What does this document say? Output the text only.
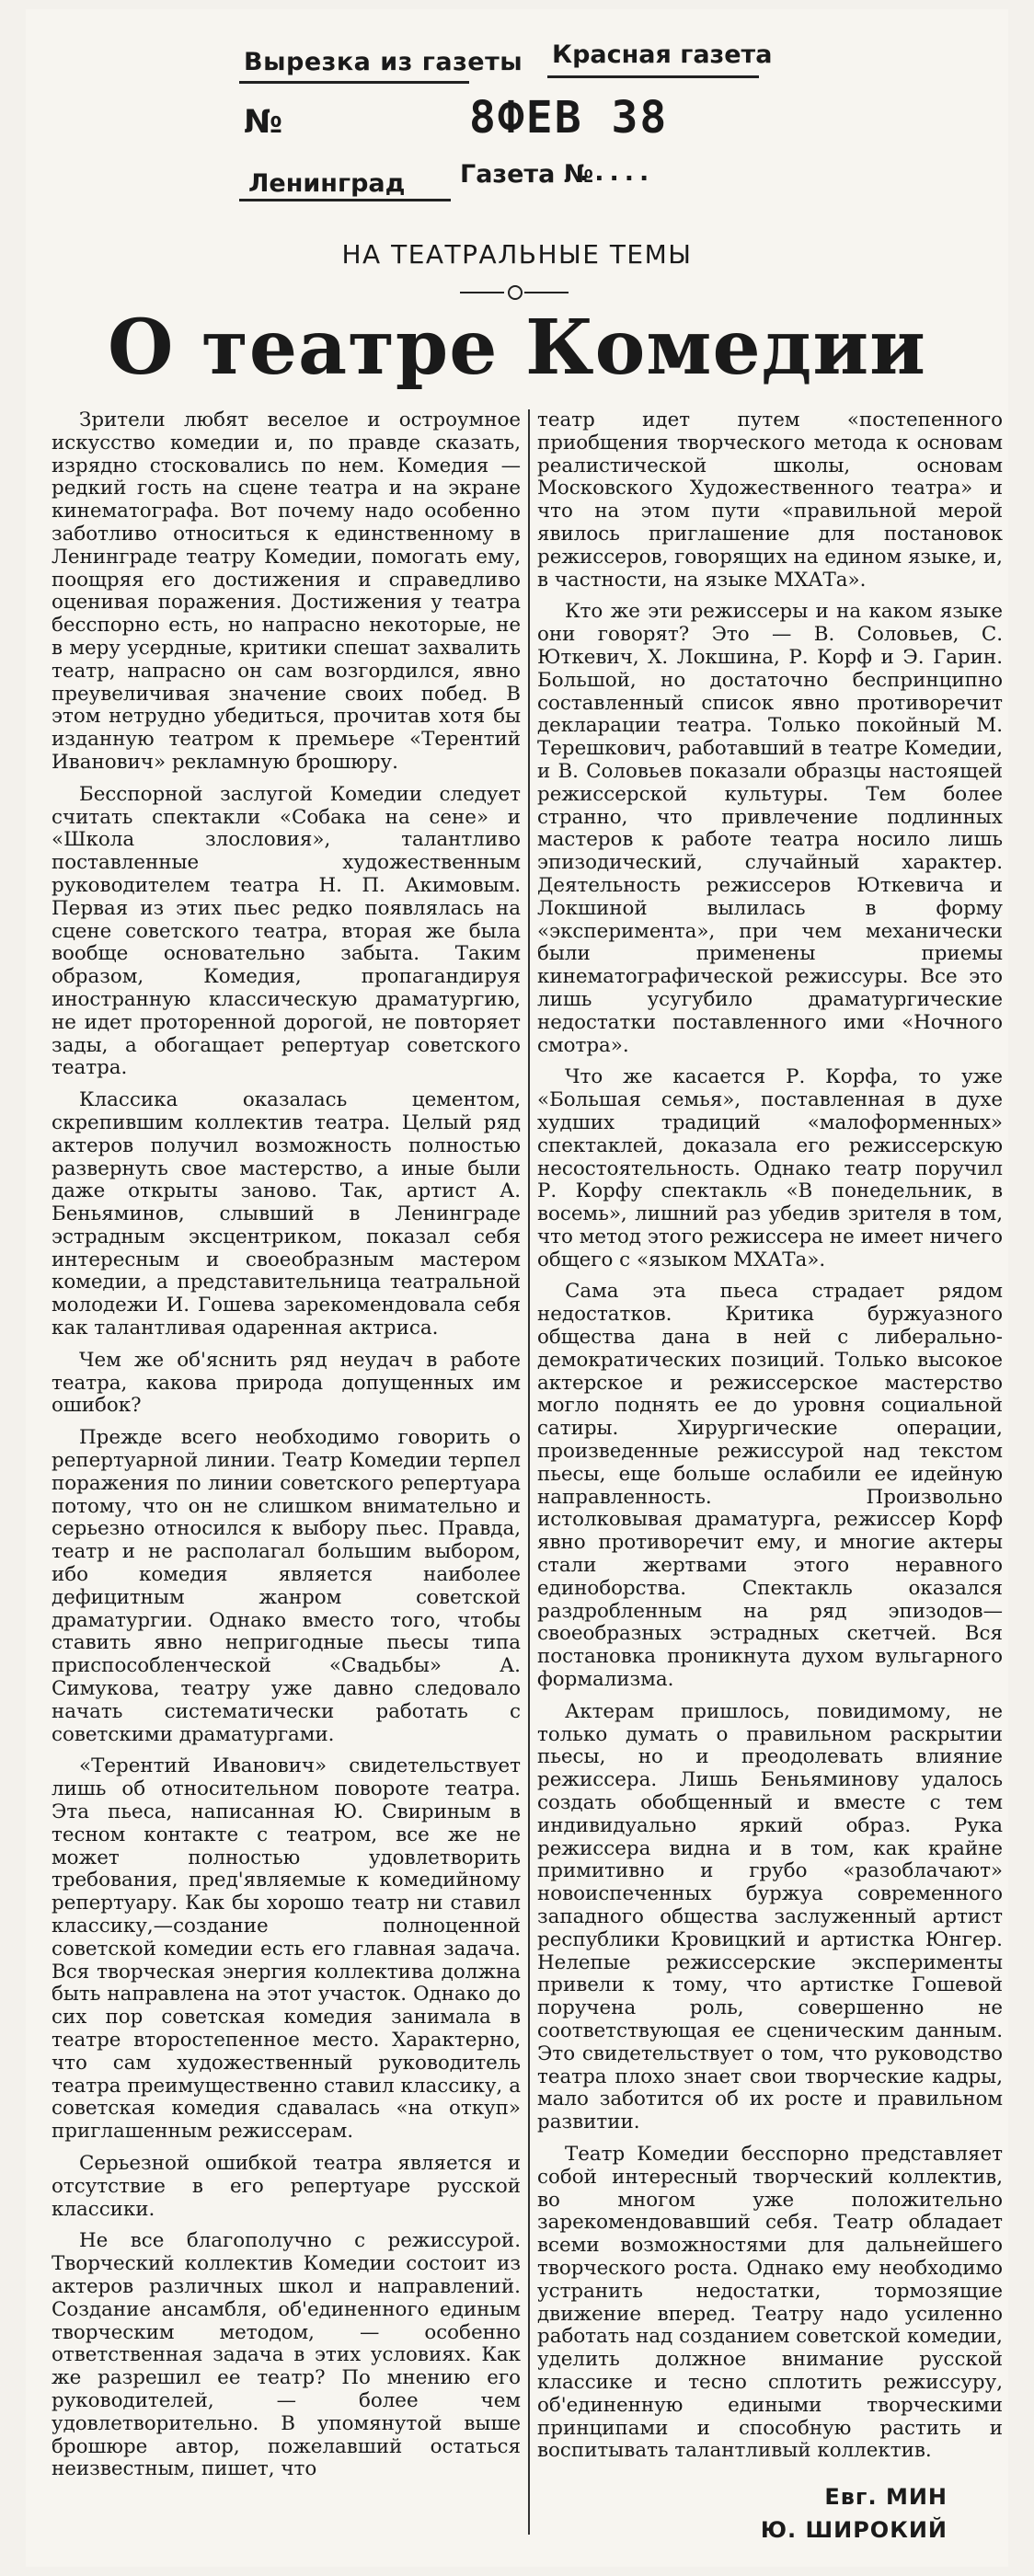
Вырезка из газеты Красная газета
№	8ФЕВ 38
Ленинград Газета №
.....
НА ТЕАТРАЛЬНЫЕ ТЕМЫ
О театре Комедии

Зрители любят веселое и остроумное искусство комедии и, по правде сказать, изрядно стосковались по нем. Комедия — редкий гость на сцене театра и на экране кинематографа. Вот почему надо особенно заботливо относиться к единственному в Ленинграде театру Комедии, помогать ему, поощряя его достижения и справедливо оценивая поражения. Достижения у театра бесспорно есть, но напрасно некоторые, не в меру усердные, критики спешат захвалить театр, напрасно он сам возгордился, явно преувеличивая значение своих побед. В этом нетрудно убедиться, прочитав хотя бы изданную театром к премьере «Терентий Иванович» рекламную брошюру.

Бесспорной заслугой Комедии следует считать спектакли «Собака на сене» и «Школа злословия», талантливо поставленные художественным руководителем театра Н. П. Акимовым. Первая из этих пьес редко появлялась на сцене советского театра, вторая же была вообще основательно забыта. Таким образом, Комедия, пропагандируя иностранную классическую драматургию, не идет проторенной дорогой, не повторяет зады, а обогащает репертуар советского театра.

Классика оказалась цементом, скрепившим коллектив театра. Целый ряд актеров получил возможность полностью развернуть свое мастерство, а иные были даже открыты заново. Так, артист А. Беньяминов, слывший в Ленинграде эстрадным эксцентриком, показал себя интересным и своеобразным мастером комедии, а представительница театральной молодежи И. Гошева зарекомендовала себя как талантливая одаренная актриса.

Чем же об'яснить ряд неудач в работе театра, какова природа допущенных им ошибок?

Прежде всего необходимо говорить о репертуарной линии. Театр Комедии терпел поражения по линии советского репертуара потому, что он не слишком внимательно и серьезно относился к выбору пьес. Правда, театр и не располагал большим выбором, ибо комедия является наиболее дефицитным жанром советской драматургии. Однако вместо того, чтобы ставить явно непригодные пьесы типа приспособленческой «Свадьбы» А. Симукова, театру уже давно следовало начать систематически работать с советскими драматургами.

«Терентий Иванович» свидетельствует лишь об относительном повороте театра. Эта пьеса, написанная Ю. Свириным в тесном контакте с театром, все же не может полностью удовлетворить требования, пред'являемые к комедийному репертуару. Как бы хорошо театр ни ставил классику,—создание полноценной советской комедии есть его главная задача. Вся творческая энергия коллектива должна быть направлена на этот участок. Однако до сих пор советская комедия занимала в театре второстепенное место. Характерно, что сам художественный руководитель театра преимущественно ставил классику, а советская комедия сдавалась «на откуп» приглашенным режиссерам.

Серьезной ошибкой театра является и отсутствие в его репертуаре русской классики.

Не все благополучно с режиссурой. Творческий коллектив Комедии состоит из актеров различных школ и направлений. Создание ансамбля, об'единенного единым творческим методом, — особенно ответственная задача в этих условиях. Как же разрешил ее театр? По мнению его руководителей, — более чем удовлетворительно. В упомянутой выше брошюре автор, пожелавший остаться неизвестным, пишет, что

театр идет путем «постепенного приобщения творческого метода к основам реалистической школы, основам Московского Художественного театра» и что на этом пути «правильной мерой явилось приглашение для постановок режиссеров, говорящих на едином языке, и, в частности, на языке МХАТа».

Кто же эти режиссеры и на каком языке они говорят? Это — В. Соловьев, С. Юткевич, Х. Локшина, Р. Корф и Э. Гарин. Большой, но достаточно беспринципно составленный список явно противоречит декларации театра. Только покойный М. Терешкович, работавший в театре Комедии, и В. Соловьев показали образцы настоящей режиссерской культуры. Тем более странно, что привлечение подлинных мастеров к работе театра носило лишь эпизодический, случайный характер. Деятельность режиссеров Юткевича и Локшиной вылилась в форму «эксперимента», при чем механически были применены приемы кинематографической режиссуры. Все это лишь усугубило драматургические недостатки поставленного ими «Ночного смотра».

Что же касается Р. Корфа, то уже «Большая семья», поставленная в духе худших традиций «малоформенных» спектаклей, доказала его режиссерскую несостоятельность. Однако театр поручил Р. Корфу спектакль «В понедельник, в восемь», лишний раз убедив зрителя в том, что метод этого режиссера не имеет ничего общего с «языком МХАТа».

Сама эта пьеса страдает рядом недостатков. Критика буржуазного общества дана в ней с либерально-демократических позиций. Только высокое актерское и режиссерское мастерство могло поднять ее до уровня социальной сатиры. Хирургические операции, произведенные режиссурой над текстом пьесы, еще больше ослабили ее идейную направленность. Произвольно истолковывая драматурга, режиссер Корф явно противоречит ему, и многие актеры стали жертвами этого неравного единоборства. Спектакль оказался раздробленным на ряд эпизодов—своеобразных эстрадных скетчей. Вся постановка проникнута духом вульгарного формализма.

Актерам пришлось, повидимому, не только думать о правильном раскрытии пьесы, но и преодолевать влияние режиссера. Лишь Беньяминову удалось создать обобщенный и вместе с тем индивидуально яркий образ. Рука режиссера видна и в том, как крайне примитивно и грубо «разоблачают» новоиспеченных буржуа современного западного общества заслуженный артист республики Кровицкий и артистка Юнгер. Нелепые режиссерские эксперименты привели к тому, что артистке Гошевой поручена роль, совершенно не соответствующая ее сценическим данным. Это свидетельствует о том, что руководство театра плохо знает свои творческие кадры, мало заботится об их росте и правильном развитии.

Театр Комедии бесспорно представляет собой интересный творческий коллектив, во многом уже положительно зарекомендовавший себя. Театр обладает всеми возможностями для дальнейшего творческого роста. Однако ему необходимо устранить недостатки, тормозящие движение вперед. Театру надо усиленно работать над созданием советской комедии, уделить должное внимание русской классике и тесно сплотить режиссуру, об'единенную едиными творческими принципами и способную растить и воспитывать талантливый коллектив.

Евг. МИН
Ю. ШИРОКИЙ
